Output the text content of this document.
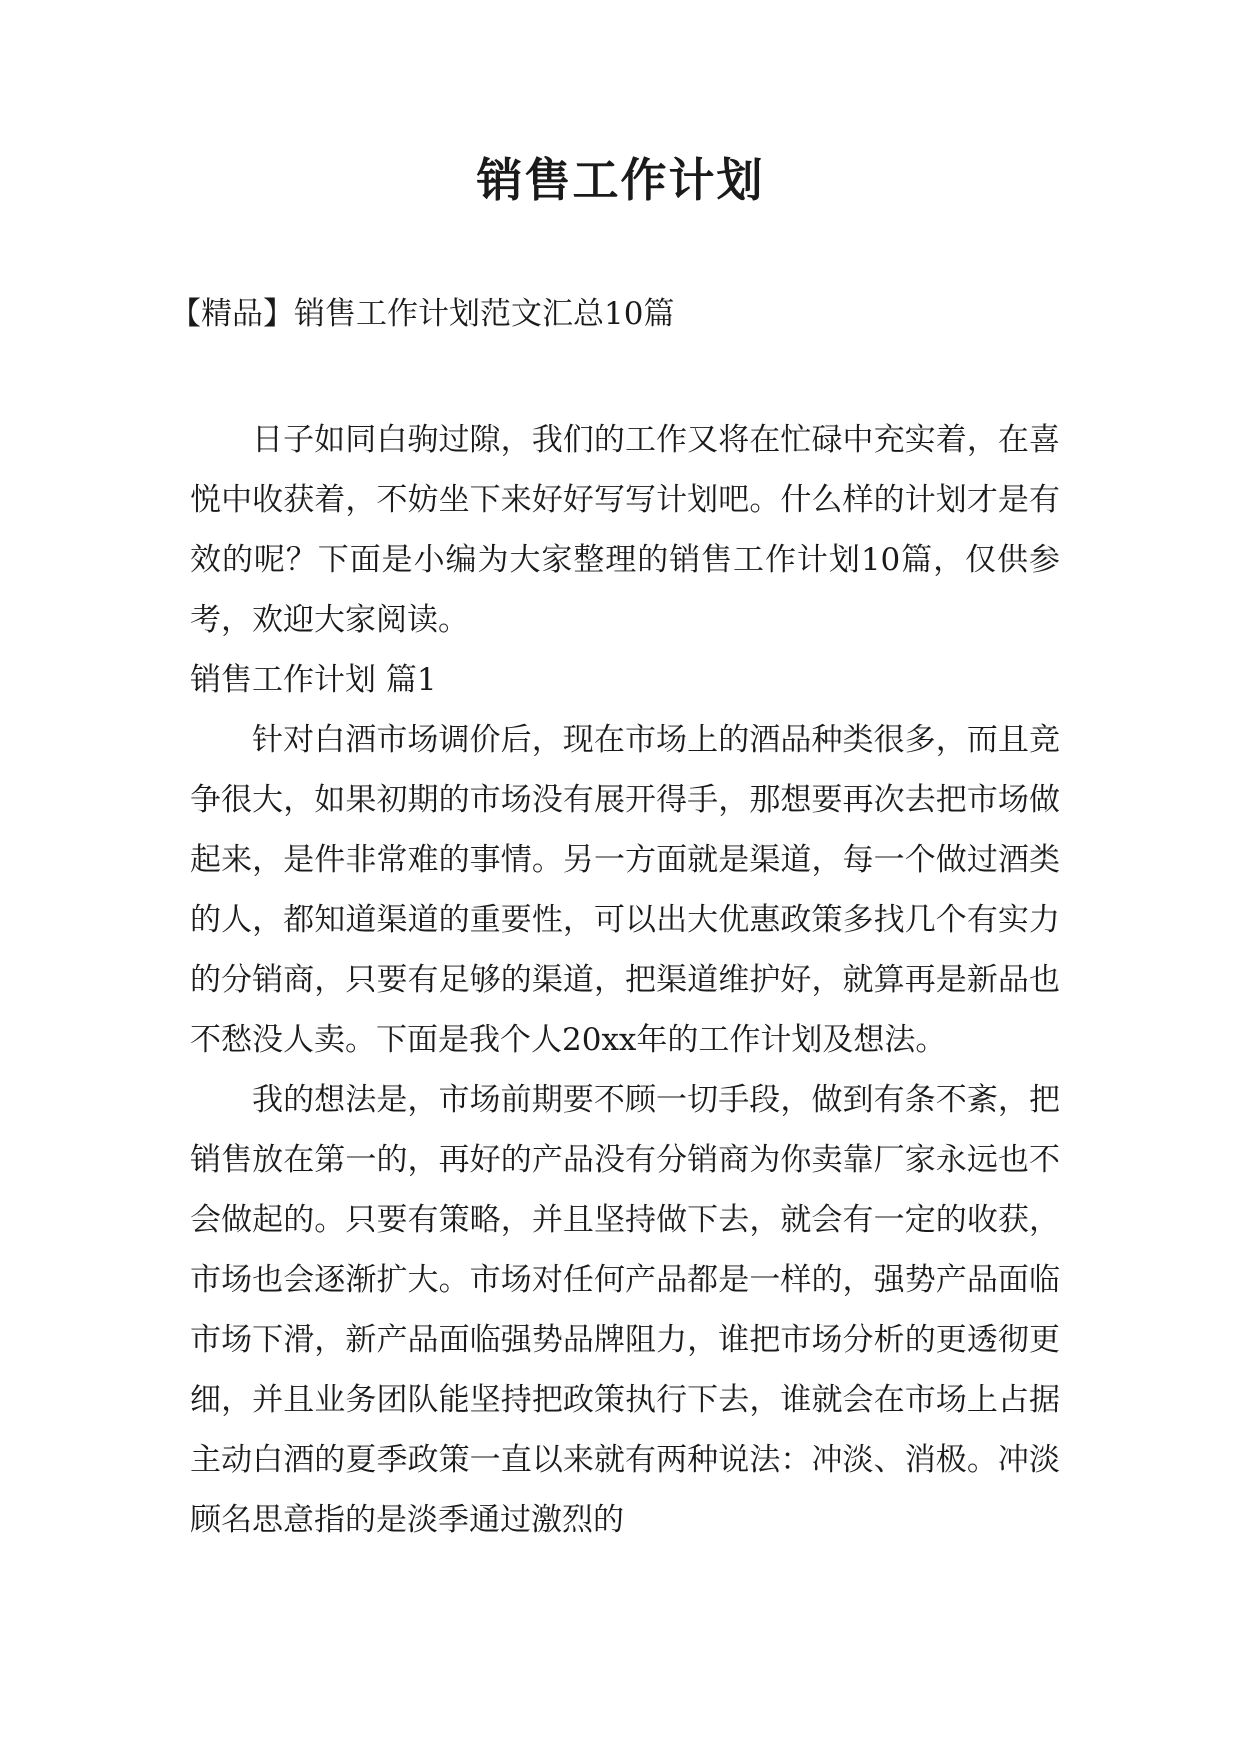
销售工作计划

【精品】销售工作计划范文汇总10篇

日子如同白驹过隙，我们的工作又将在忙碌中充实着，在喜悦中收获着，不妨坐下来好好写写计划吧。什么样的计划才是有效的呢？下面是小编为大家整理的销售工作计划10篇，仅供参考，欢迎大家阅读。

销售工作计划 篇1

针对白酒市场调价后，现在市场上的酒品种类很多，而且竞争很大，如果初期的市场没有展开得手，那想要再次去把市场做起来，是件非常难的事情。另一方面就是渠道，每一个做过酒类的人，都知道渠道的重要性，可以出大优惠政策多找几个有实力的分销商，只要有足够的渠道，把渠道维护好，就算再是新品也不愁没人卖。下面是我个人20xx年的工作计划及想法。

我的想法是，市场前期要不顾一切手段，做到有条不紊，把销售放在第一的，再好的产品没有分销商为你卖靠厂家永远也不会做起的。只要有策略，并且坚持做下去，就会有一定的收获，市场也会逐渐扩大。市场对任何产品都是一样的，强势产品面临市场下滑，新产品面临强势品牌阻力，谁把市场分析的更透彻更细，并且业务团队能坚持把政策执行下去，谁就会在市场上占据主动白酒的夏季政策一直以来就有两种说法：冲淡、消极。冲淡顾名思意指的是淡季通过激烈的
